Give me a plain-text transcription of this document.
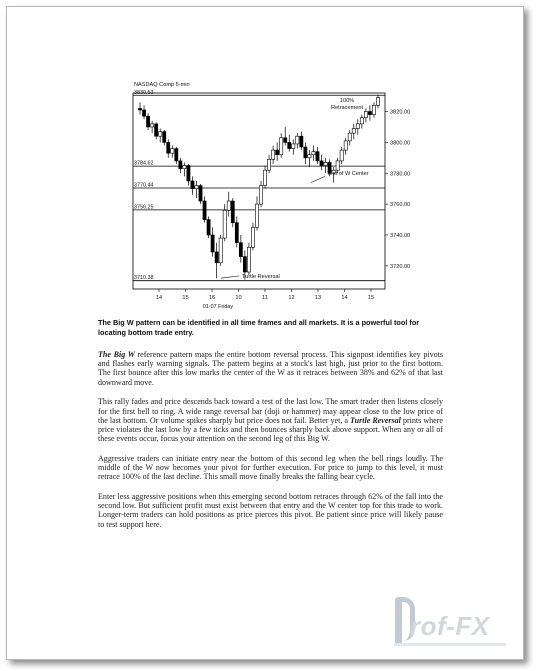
NASDAQ Comp 5-min
3830.53
3784.62
3770.44
3756.25
3710.38
3820.00
3800.00
3780.00
3760.00
3740.00
3720.00
14	15	16	10	11	12	13	14	15
01-07 Friday
100%
Retracement
Test of W Center
Turtle Reversal
The Big W pattern can be identified in all time frames and all markets. It is a powerful tool for locating bottom trade entry.

The Big W reference pattern maps the entire bottom reversal process. This signpost identifies key pivots and flashes early warning signals. The pattern begins at a stock's last high, just prior to the first bottom. The first bounce after this low marks the center of the W as it retraces between 38% and 62% of that last downward move.

This rally fades and price descends back toward a test of the last low. The smart trader then listens closely for the first bell to ring. A wide range reversal bar (doji or hammer) may appear close to the low price of the last bottom. Or volume spikes sharply but price does not fail. Better yet, a Turtle Reversal prints where price violates the last low by a few ticks and then bounces sharply back above support. When any or all of these events occur, focus your attention on the second leg of this Big W.

Aggressive traders can initiate entry near the bottom of this second leg when the bell rings loudly. The middle of the W now becomes your pivot for further execution. For price to jump to this level, it must retrace 100% of the last decline. This small move finally breaks the falling bear cycle.

Enter less aggressive positions when this emerging second bottom retraces through 62% of the fall into the second low. But sufficient profit must exist between that entry and the W center top for this trade to work. Longer-term traders can hold positions as price pierces this pivot. Be patient since price will likely pause to test support here.

rof-FX
